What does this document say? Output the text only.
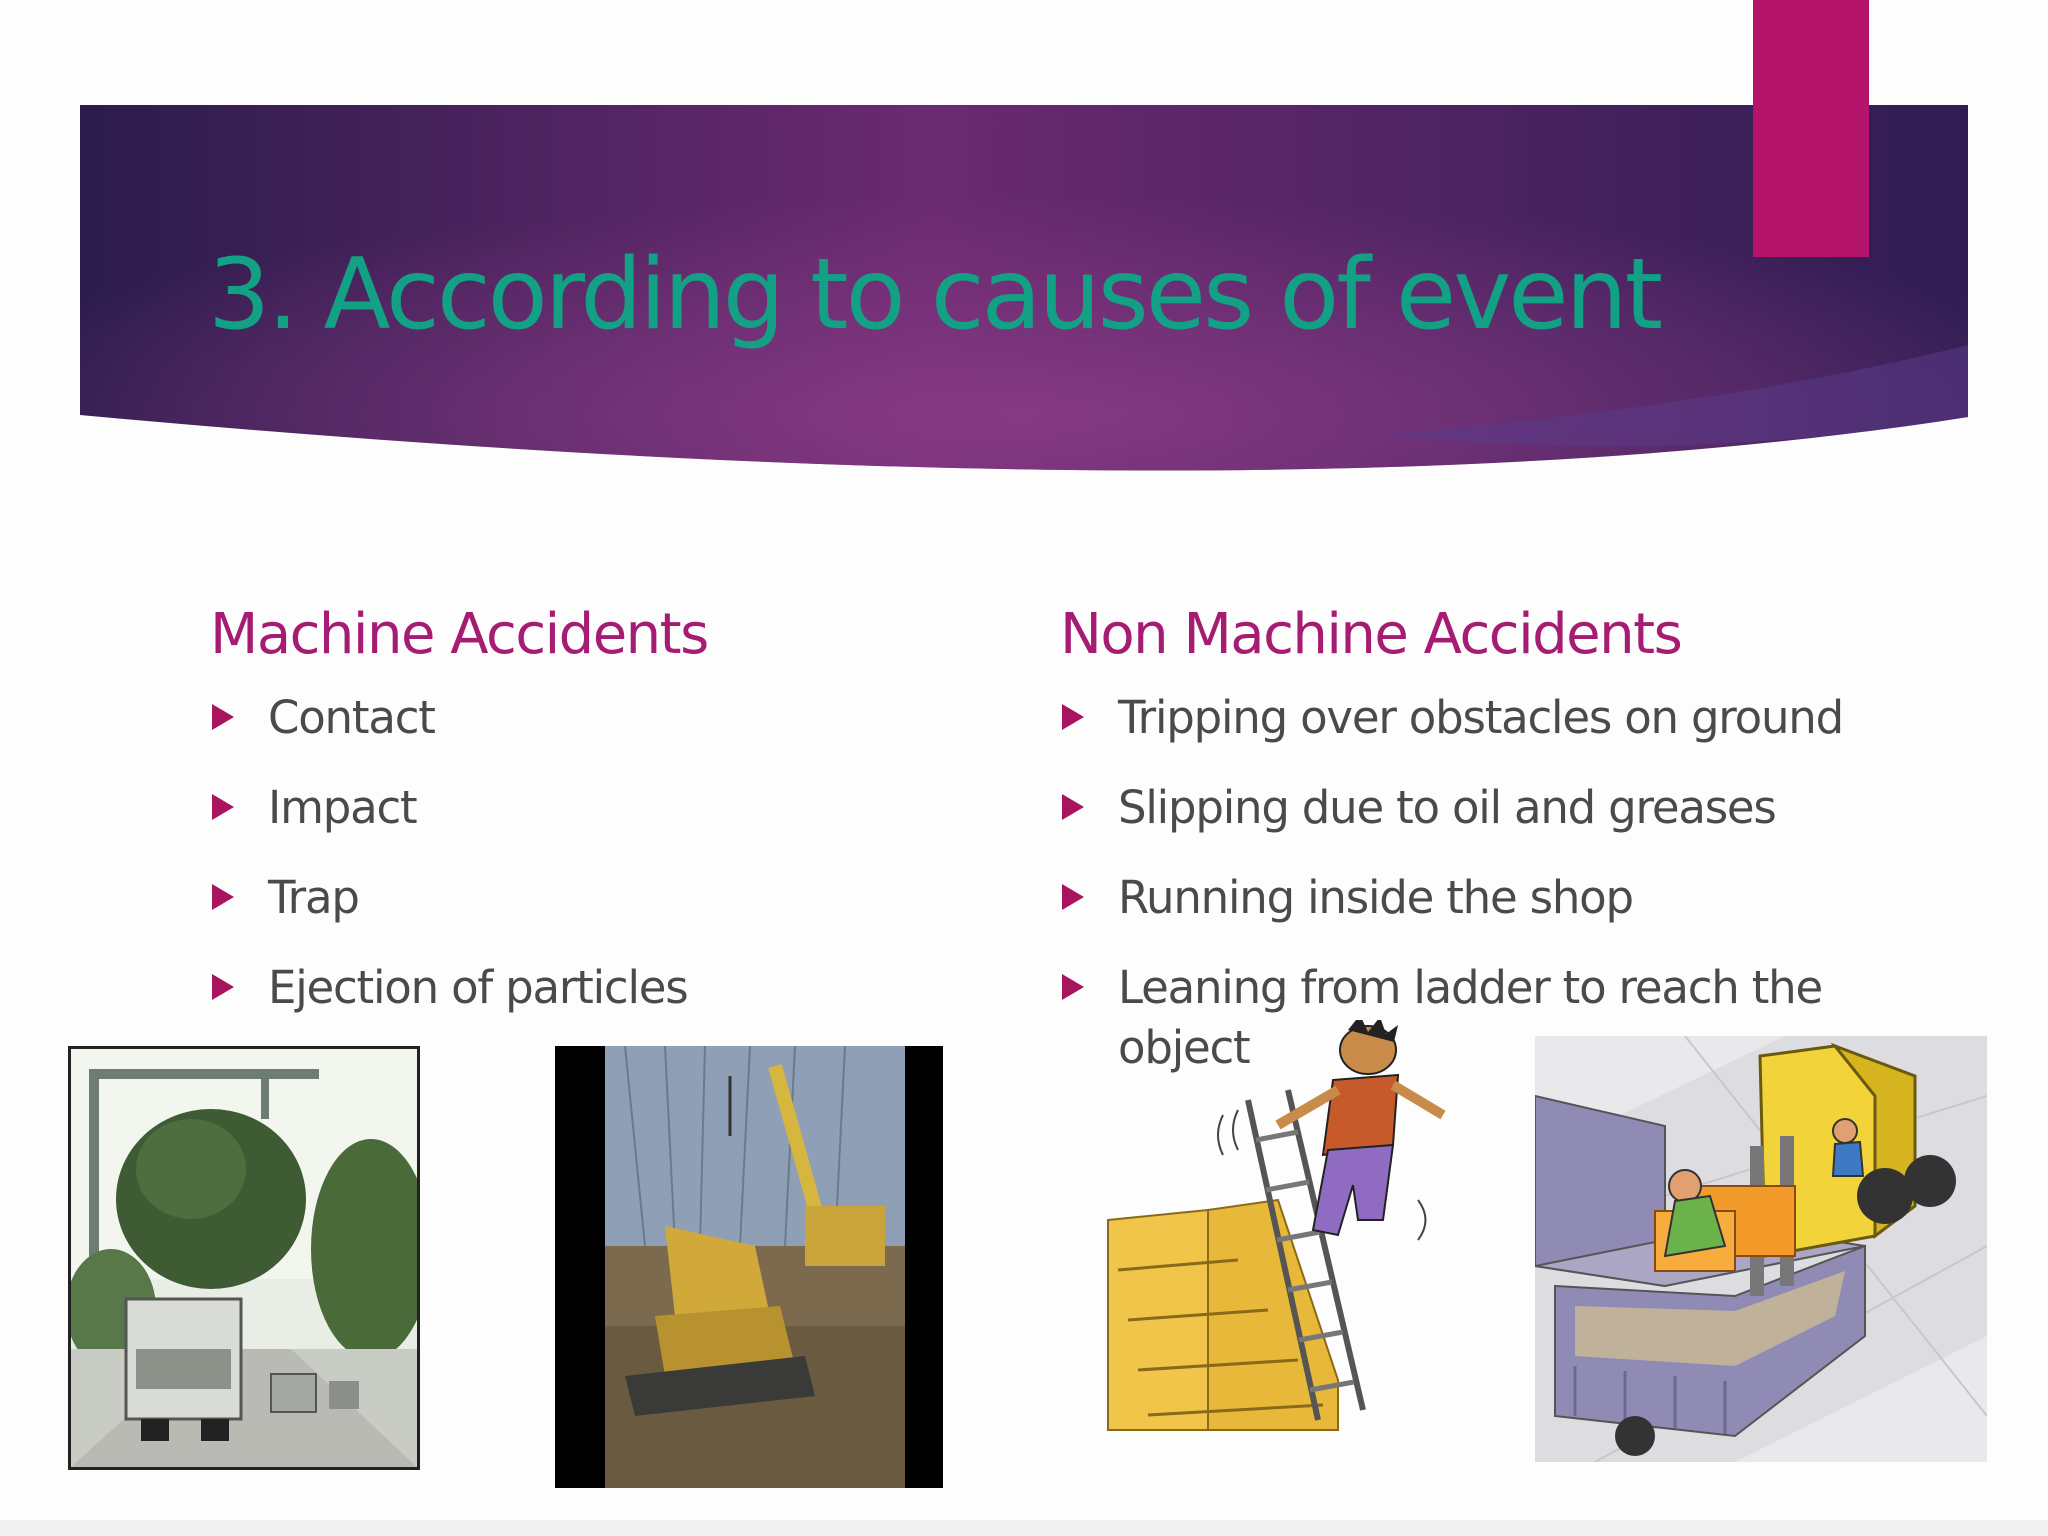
3. According to causes of event
Machine Accidents
Contact
Impact
Trap
Ejection of particles
Non Machine Accidents
Tripping over obstacles on ground
Slipping due to oil and greases
Running inside the shop
Leaning from ladder to reach the object
